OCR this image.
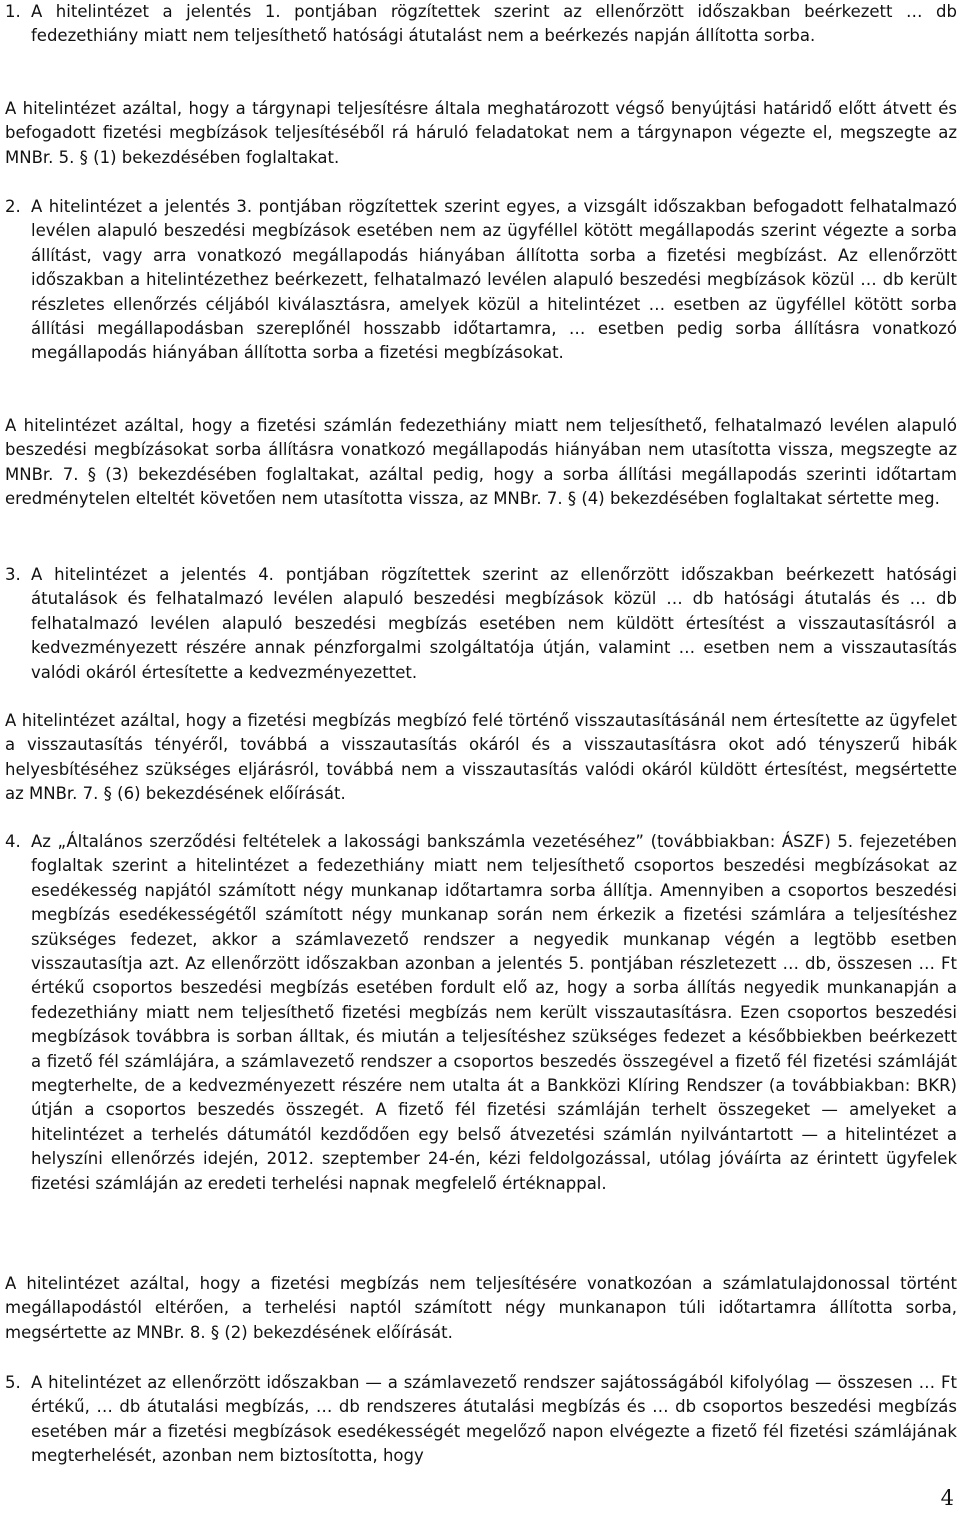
1. A hitelintézet a jelentés 1. pontjában rögzítettek szerint az ellenőrzött időszakban beérkezett … db fedezethiány miatt nem teljesíthető hatósági átutalást nem a beérkezés napján állította sorba.

A hitelintézet azáltal, hogy a tárgynapi teljesítésre általa meghatározott végső benyújtási határidő előtt átvett és befogadott fizetési megbízások teljesítéséből rá háruló feladatokat nem a tárgynapon végezte el, megszegte az MNBr. 5. § (1) bekezdésében foglaltakat.

2. A hitelintézet a jelentés 3. pontjában rögzítettek szerint egyes, a vizsgált időszakban befogadott felhatalmazó levélen alapuló beszedési megbízások esetében nem az ügyféllel kötött megállapodás szerint végezte a sorba állítást, vagy arra vonatkozó megállapodás hiányában állította sorba a fizetési megbízást. Az ellenőrzött időszakban a hitelintézethez beérkezett, felhatalmazó levélen alapuló beszedési megbízások közül … db került részletes ellenőrzés céljából kiválasztásra, amelyek közül a hitelintézet … esetben az ügyféllel kötött sorba állítási megállapodásban szereplőnél hosszabb időtartamra, … esetben pedig sorba állításra vonatkozó megállapodás hiányában állította sorba a fizetési megbízásokat.

A hitelintézet azáltal, hogy a fizetési számlán fedezethiány miatt nem teljesíthető, felhatalmazó levélen alapuló beszedési megbízásokat sorba állításra vonatkozó megállapodás hiányában nem utasította vissza, megszegte az MNBr. 7. § (3) bekezdésében foglaltakat, azáltal pedig, hogy a sorba állítási megállapodás szerinti időtartam eredménytelen elteltét követően nem utasította vissza, az MNBr. 7. § (4) bekezdésében foglaltakat sértette meg.

3. A hitelintézet a jelentés 4. pontjában rögzítettek szerint az ellenőrzött időszakban beérkezett hatósági átutalások és felhatalmazó levélen alapuló beszedési megbízások közül … db hatósági átutalás és … db felhatalmazó levélen alapuló beszedési megbízás esetében nem küldött értesítést a visszautasításról a kedvezményezett részére annak pénzforgalmi szolgáltatója útján, valamint … esetben nem a visszautasítás valódi okáról értesítette a kedvezményezettet.

A hitelintézet azáltal, hogy a fizetési megbízás megbízó felé történő visszautasításánál nem értesítette az ügyfelet a visszautasítás tényéről, továbbá a visszautasítás okáról és a visszautasításra okot adó tényszerű hibák helyesbítéséhez szükséges eljárásról, továbbá nem a visszautasítás valódi okáról küldött értesítést, megsértette az MNBr. 7. § (6) bekezdésének előírását.

4. Az „Általános szerződési feltételek a lakossági bankszámla vezetéséhez” (továbbiakban: ÁSZF) 5. fejezetében foglaltak szerint a hitelintézet a fedezethiány miatt nem teljesíthető csoportos beszedési megbízásokat az esedékesség napjától számított négy munkanap időtartamra sorba állítja. Amennyiben a csoportos beszedési megbízás esedékességétől számított négy munkanap során nem érkezik a fizetési számlára a teljesítéshez szükséges fedezet, akkor a számlavezető rendszer a negyedik munkanap végén a legtöbb esetben visszautasítja azt. Az ellenőrzött időszakban azonban a jelentés 5. pontjában részletezett … db, összesen … Ft értékű csoportos beszedési megbízás esetében fordult elő az, hogy a sorba állítás negyedik munkanapján a fedezethiány miatt nem teljesíthető fizetési megbízás nem került visszautasításra. Ezen csoportos beszedési megbízások továbbra is sorban álltak, és miután a teljesítéshez szükséges fedezet a későbbiekben beérkezett a fizető fél számlájára, a számlavezető rendszer a csoportos beszedés összegével a fizető fél fizetési számláját megterhelte, de a kedvezményezett részére nem utalta át a Bankközi Klíring Rendszer (a továbbiakban: BKR) útján a csoportos beszedés összegét. A fizető fél fizetési számláján terhelt összegeket — amelyeket a hitelintézet a terhelés dátumától kezdődően egy belső átvezetési számlán nyilvántartott — a hitelintézet a helyszíni ellenőrzés idején, 2012. szeptember 24-én, kézi feldolgozással, utólag jóváírta az érintett ügyfelek fizetési számláján az eredeti terhelési napnak megfelelő értéknappal.

A hitelintézet azáltal, hogy a fizetési megbízás nem teljesítésére vonatkozóan a számlatulajdonossal történt megállapodástól eltérően, a terhelési naptól számított négy munkanapon túli időtartamra állította sorba, megsértette az MNBr. 8. § (2) bekezdésének előírását.

5. A hitelintézet az ellenőrzött időszakban — a számlavezető rendszer sajátosságából kifolyólag — összesen … Ft értékű, … db átutalási megbízás, … db rendszeres átutalási megbízás és … db csoportos beszedési megbízás esetében már a fizetési megbízások esedékességét megelőző napon elvégezte a fizető fél fizetési számlájának megterhelését, azonban nem biztosította, hogy
4
